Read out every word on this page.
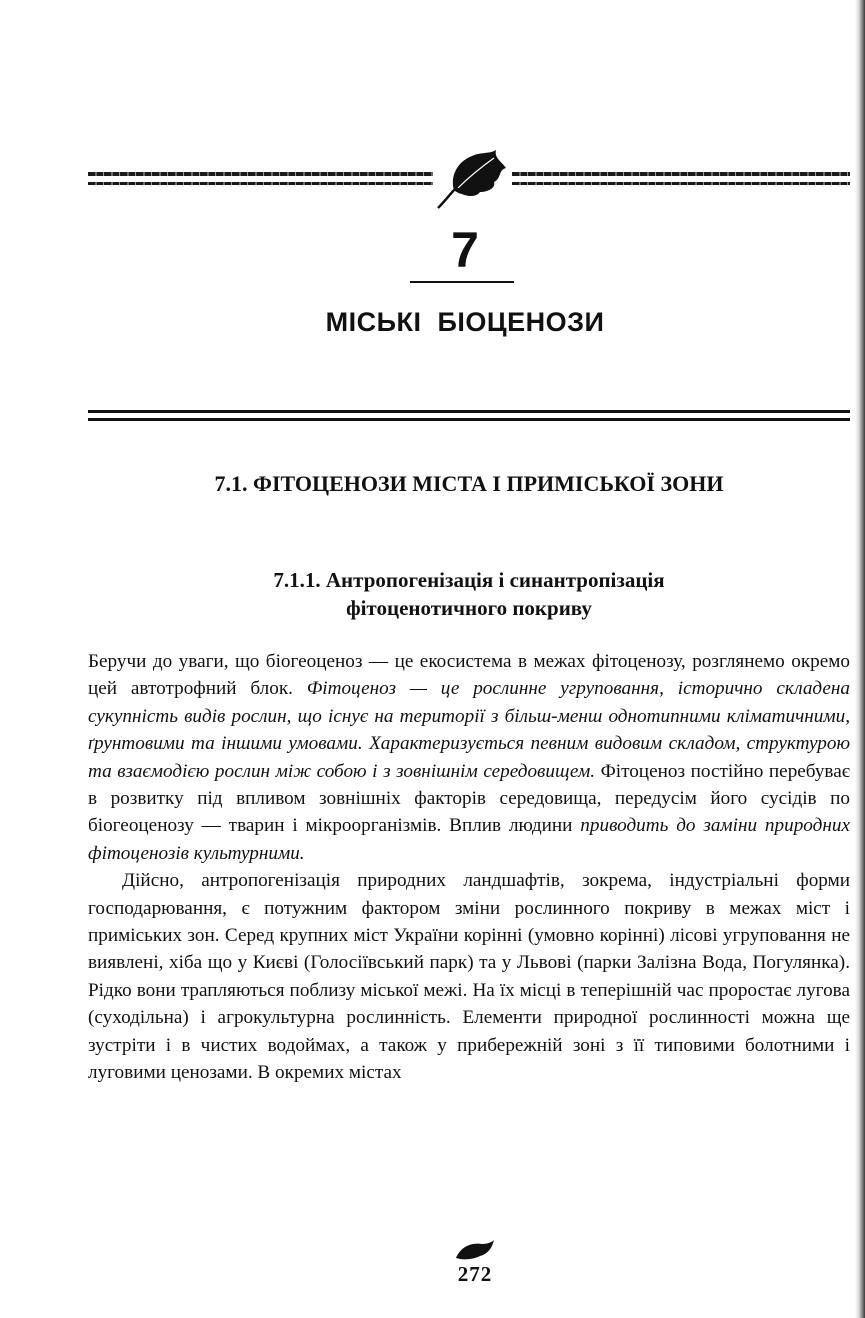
7
МІСЬКІ БІОЦЕНОЗИ
7.1. ФІТОЦЕНОЗИ МІСТА І ПРИМІСЬКОЇ ЗОНИ
7.1.1. Антропогенізація і синантропізація
фітоценотичного покриву

Беручи до уваги, що біогеоценоз — це екосистема в межах фітоценозу, розглянемо окремо цей автотрофний блок. Фітоценоз — це рослинне угруповання, історично складена сукупність видів рослин, що існує на території з більш-менш однотипними кліматичними, ґрунтовими та іншими умовами. Характеризується певним видовим складом, структурою та взаємодією рослин між собою і з зовнішнім середовищем. Фітоценоз постійно перебуває в розвитку під впливом зовнішніх факторів середовища, передусім його сусідів по біогеоценозу — тварин і мікроорганізмів. Вплив людини приводить до заміни природних фітоценозів культурними.

Дійсно, антропогенізація природних ландшафтів, зокрема, індустріальні форми господарювання, є потужним фактором зміни рослинного покриву в межах міст і приміських зон. Серед крупних міст України корінні (умовно корінні) лісові угруповання не виявлені, хіба що у Києві (Голосіївський парк) та у Львові (парки Залізна Вода, Погулянка). Рідко вони трапляються поблизу міської межі. На їх місці в теперішній час проростає лугова (суходільна) і агрокультурна рослинність. Елементи природної рослинності можна ще зустріти і в чистих водоймах, а також у прибережній зоні з її типовими болотними і луговими ценозами. В окремих містах

272
